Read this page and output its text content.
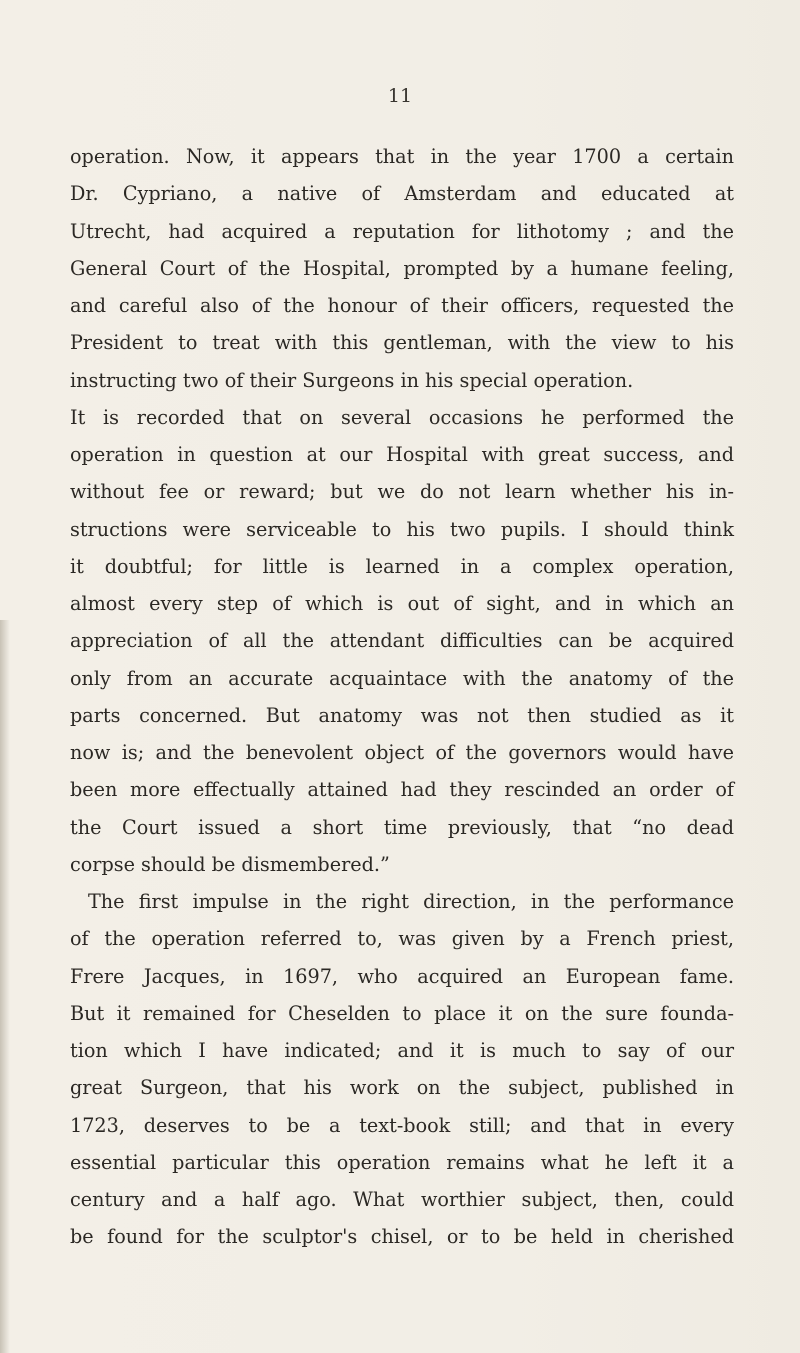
11
operation. Now, it appears that in the year 1700 a certain
Dr. Cypriano, a native of Amsterdam and educated at
Utrecht, had acquired a reputation for lithotomy ; and the
General Court of the Hospital, prompted by a humane feeling,
and careful also of the honour of their officers, requested the
President to treat with this gentleman, with the view to his
instructing two of their Surgeons in his special operation.
It is recorded that on several occasions he performed the
operation in question at our Hospital with great success, and
without fee or reward; but we do not learn whether his in-
structions were serviceable to his two pupils. I should think
it doubtful; for little is learned in a complex operation,
almost every step of which is out of sight, and in which an
appreciation of all the attendant difficulties can be acquired
only from an accurate acquaintace with the anatomy of the
parts concerned. But anatomy was not then studied as it
now is; and the benevolent object of the governors would have
been more effectually attained had they rescinded an order of
the Court issued a short time previously, that “no dead
corpse should be dismembered.”
The first impulse in the right direction, in the performance
of the operation referred to, was given by a French priest,
Frere Jacques, in 1697, who acquired an European fame.
But it remained for Cheselden to place it on the sure founda-
tion which I have indicated; and it is much to say of our
great Surgeon, that his work on the subject, published in
1723, deserves to be a text-book still; and that in every
essential particular this operation remains what he left it a
century and a half ago. What worthier subject, then, could
be found for the sculptor's chisel, or to be held in cherished
